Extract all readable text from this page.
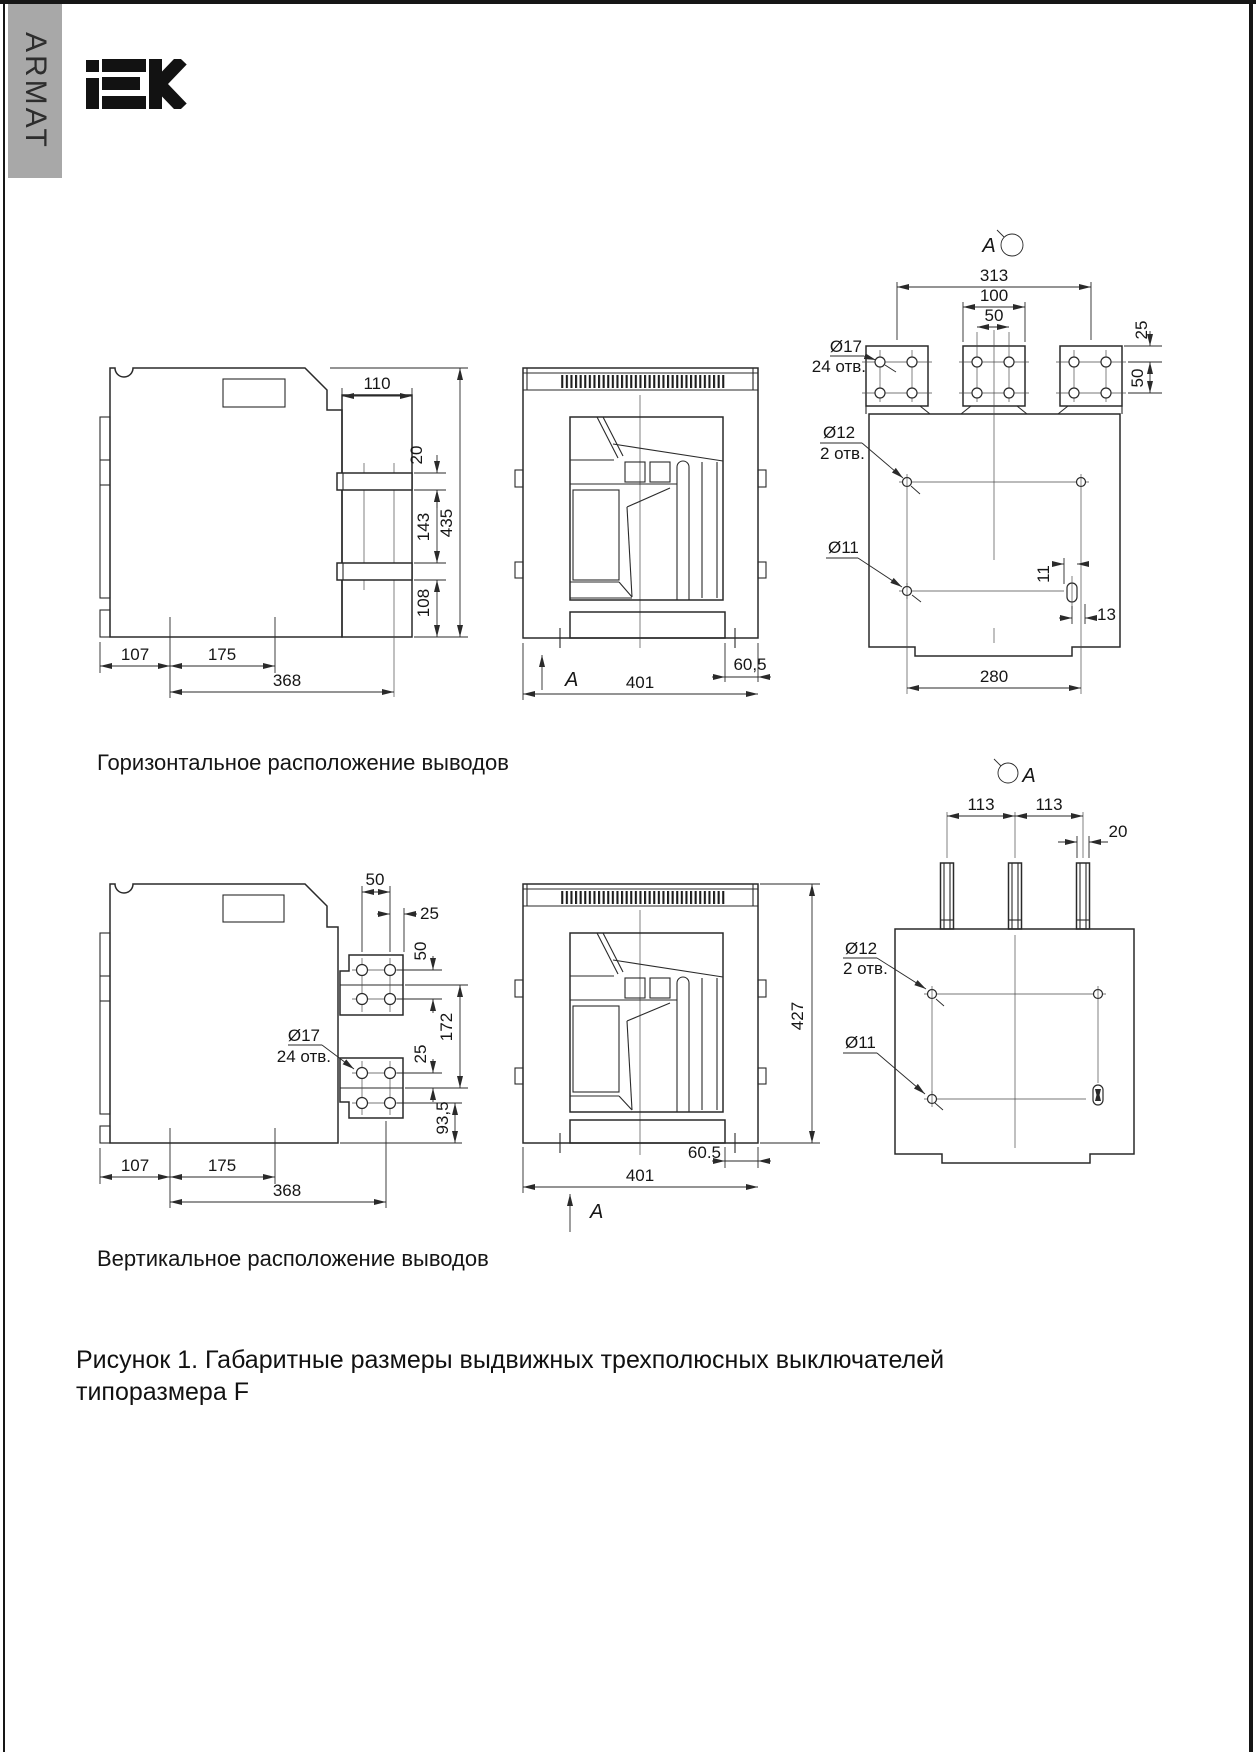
ARMAT
110
20
143
108
435
107	175
368	A
60,5
401
A
313
100
50
25
50
Ø17
24 отв.
Ø12
2 отв.
Ø11
11
13
280
50
25
50
172
25
93,5
Ø17
24 отв.
107	175
368
427
60.5
401
A
A
113 113
20
Ø12
2 отв.
Ø11
Горизонтальное расположение выводов
Вертикальное расположение выводов
Рисунок 1. Габаритные размеры выдвижных трехполюсных выключателей
типоразмера F
